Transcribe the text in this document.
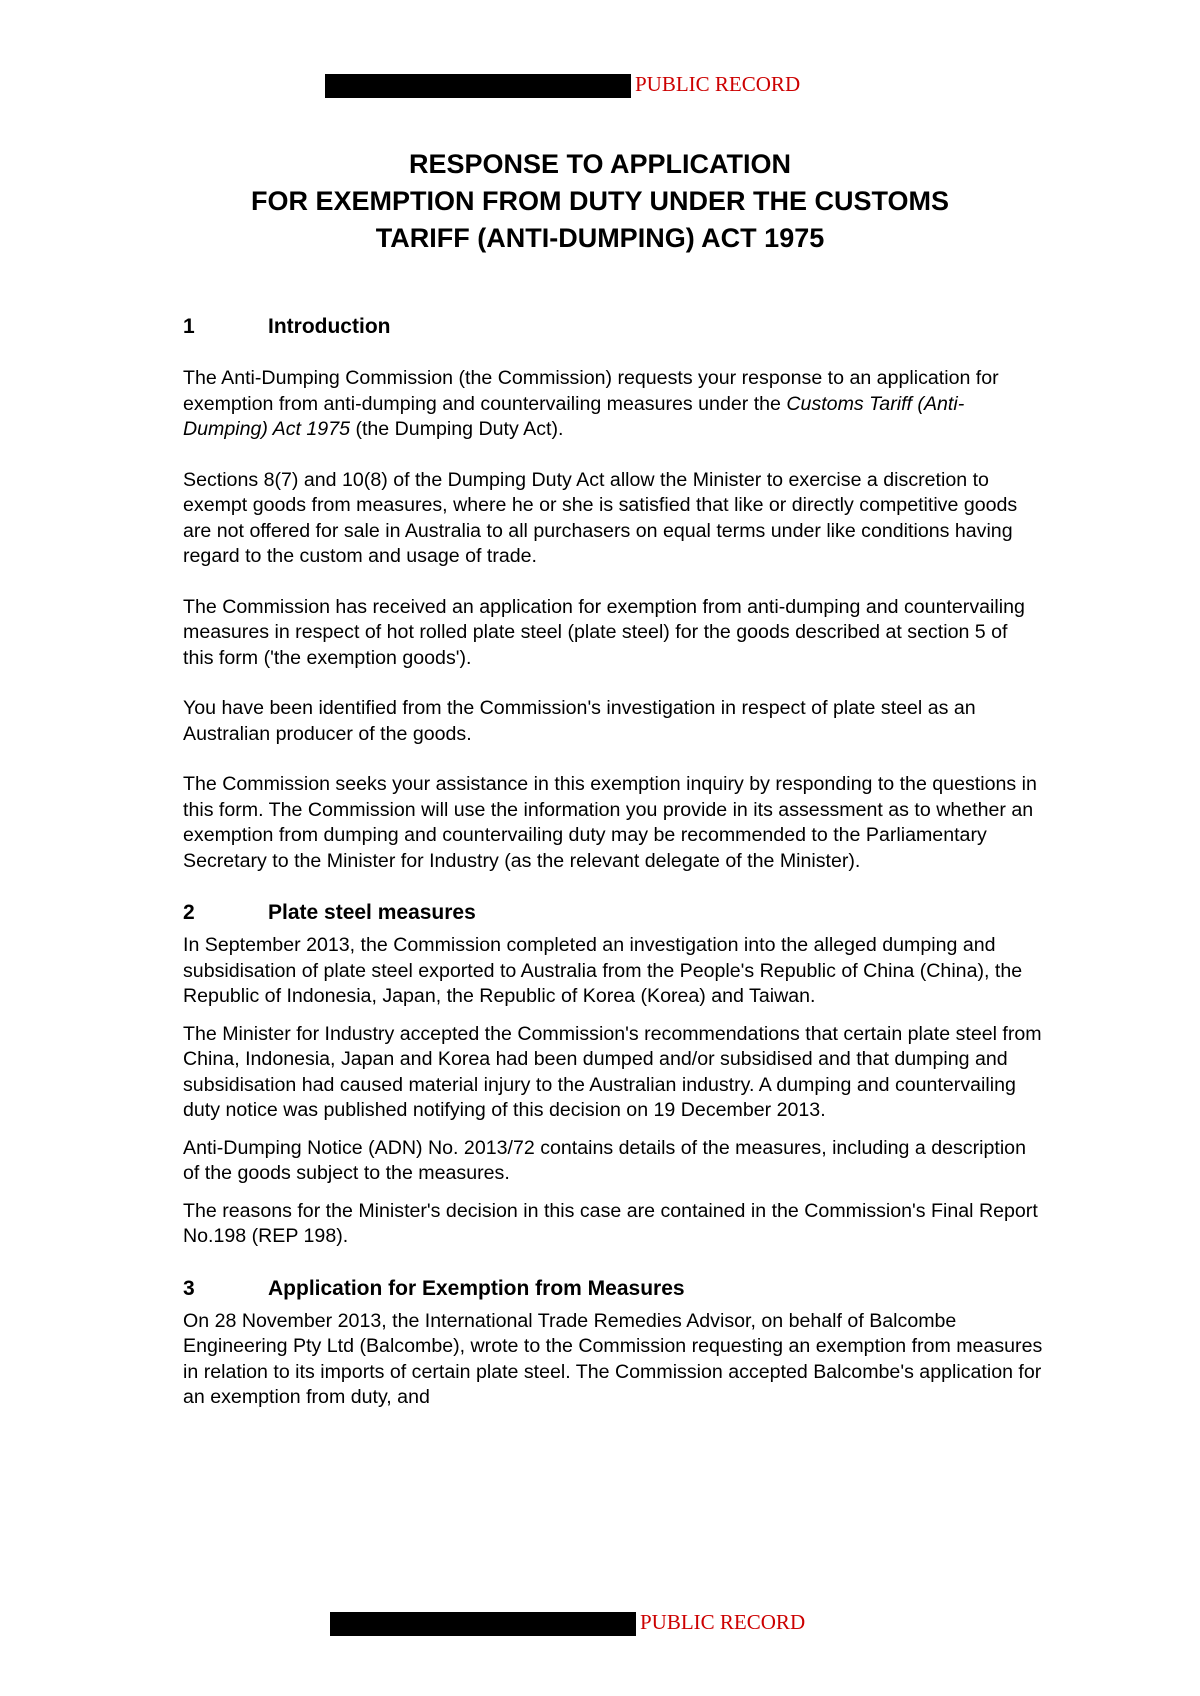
PUBLIC RECORD
RESPONSE TO APPLICATION
FOR EXEMPTION FROM DUTY UNDER THE CUSTOMS
TARIFF (ANTI-DUMPING) ACT 1975
1	Introduction

The Anti-Dumping Commission (the Commission) requests your response to an application for exemption from anti-dumping and countervailing measures under the Customs Tariff (Anti-Dumping) Act 1975 (the Dumping Duty Act).

Sections 8(7) and 10(8) of the Dumping Duty Act allow the Minister to exercise a discretion to exempt goods from measures, where he or she is satisfied that like or directly competitive goods are not offered for sale in Australia to all purchasers on equal terms under like conditions having regard to the custom and usage of trade.

The Commission has received an application for exemption from anti-dumping and countervailing measures in respect of hot rolled plate steel (plate steel) for the goods described at section 5 of this form ('the exemption goods').

You have been identified from the Commission's investigation in respect of plate steel as an Australian producer of the goods.

The Commission seeks your assistance in this exemption inquiry by responding to the questions in this form. The Commission will use the information you provide in its assessment as to whether an exemption from dumping and countervailing duty may be recommended to the Parliamentary Secretary to the Minister for Industry (as the relevant delegate of the Minister).

2	Plate steel measures

In September 2013, the Commission completed an investigation into the alleged dumping and subsidisation of plate steel exported to Australia from the People's Republic of China (China), the Republic of Indonesia, Japan, the Republic of Korea (Korea) and Taiwan.

The Minister for Industry accepted the Commission's recommendations that certain plate steel from China, Indonesia, Japan and Korea had been dumped and/or subsidised and that dumping and subsidisation had caused material injury to the Australian industry. A dumping and countervailing duty notice was published notifying of this decision on 19 December 2013.

Anti-Dumping Notice (ADN) No. 2013/72 contains details of the measures, including a description of the goods subject to the measures.

The reasons for the Minister's decision in this case are contained in the Commission's Final Report No.198 (REP 198).

3	Application for Exemption from Measures

On 28 November 2013, the International Trade Remedies Advisor, on behalf of Balcombe Engineering Pty Ltd (Balcombe), wrote to the Commission requesting an exemption from measures in relation to its imports of certain plate steel. The Commission accepted Balcombe's application for an exemption from duty, and

PUBLIC RECORD
